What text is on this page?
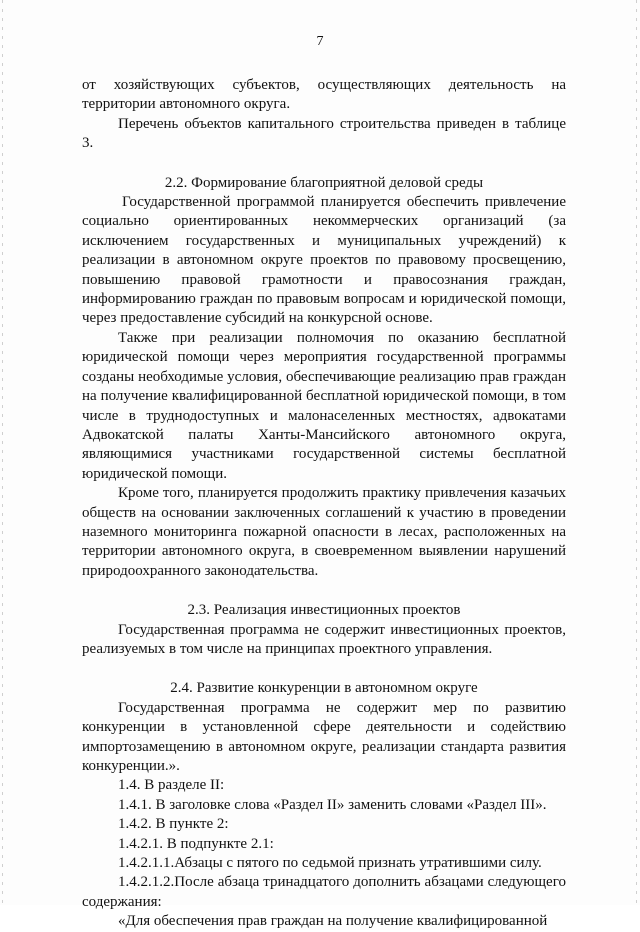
7

от хозяйствующих субъектов, осуществляющих деятельность на территории автономного округа.

Перечень объектов капитального строительства приведен в таблице 3.

2.2. Формирование благоприятной деловой среды

Государственной программой планируется обеспечить привлечение социально ориентированных некоммерческих организаций (за исключением государственных и муниципальных учреждений) к реализации в автономном округе проектов по правовому просвещению, повышению правовой грамотности и правосознания граждан, информированию граждан по правовым вопросам и юридической помощи, через предоставление субсидий на конкурсной основе.

Также при реализации полномочия по оказанию бесплатной юридической помощи через мероприятия государственной программы созданы необходимые условия, обеспечивающие реализацию прав граждан на получение квалифицированной бесплатной юридической помощи, в том числе в труднодоступных и малонаселенных местностях, адвокатами Адвокатской палаты Ханты-Мансийского автономного округа, являющимися участниками государственной системы бесплатной юридической помощи.

Кроме того, планируется продолжить практику привлечения казачьих обществ на основании заключенных соглашений к участию в проведении наземного мониторинга пожарной опасности в лесах, расположенных на территории автономного округа, в своевременном выявлении нарушений природоохранного законодательства.

2.3. Реализация инвестиционных проектов

Государственная программа не содержит инвестиционных проектов, реализуемых в том числе на принципах проектного управления.

2.4. Развитие конкуренции в автономном округе

Государственная программа не содержит мер по развитию конкуренции в установленной сфере деятельности и содействию импортозамещению в автономном округе, реализации стандарта развития конкуренции.».

1.4. В разделе II:

1.4.1. В заголовке слова «Раздел II» заменить словами «Раздел III».

1.4.2. В пункте 2:

1.4.2.1. В подпункте 2.1:

1.4.2.1.1.Абзацы с пятого по седьмой признать утратившими силу.

1.4.2.1.2.После абзаца тринадцатого дополнить абзацами следующего содержания:

«Для обеспечения прав граждан на получение квалифицированной
